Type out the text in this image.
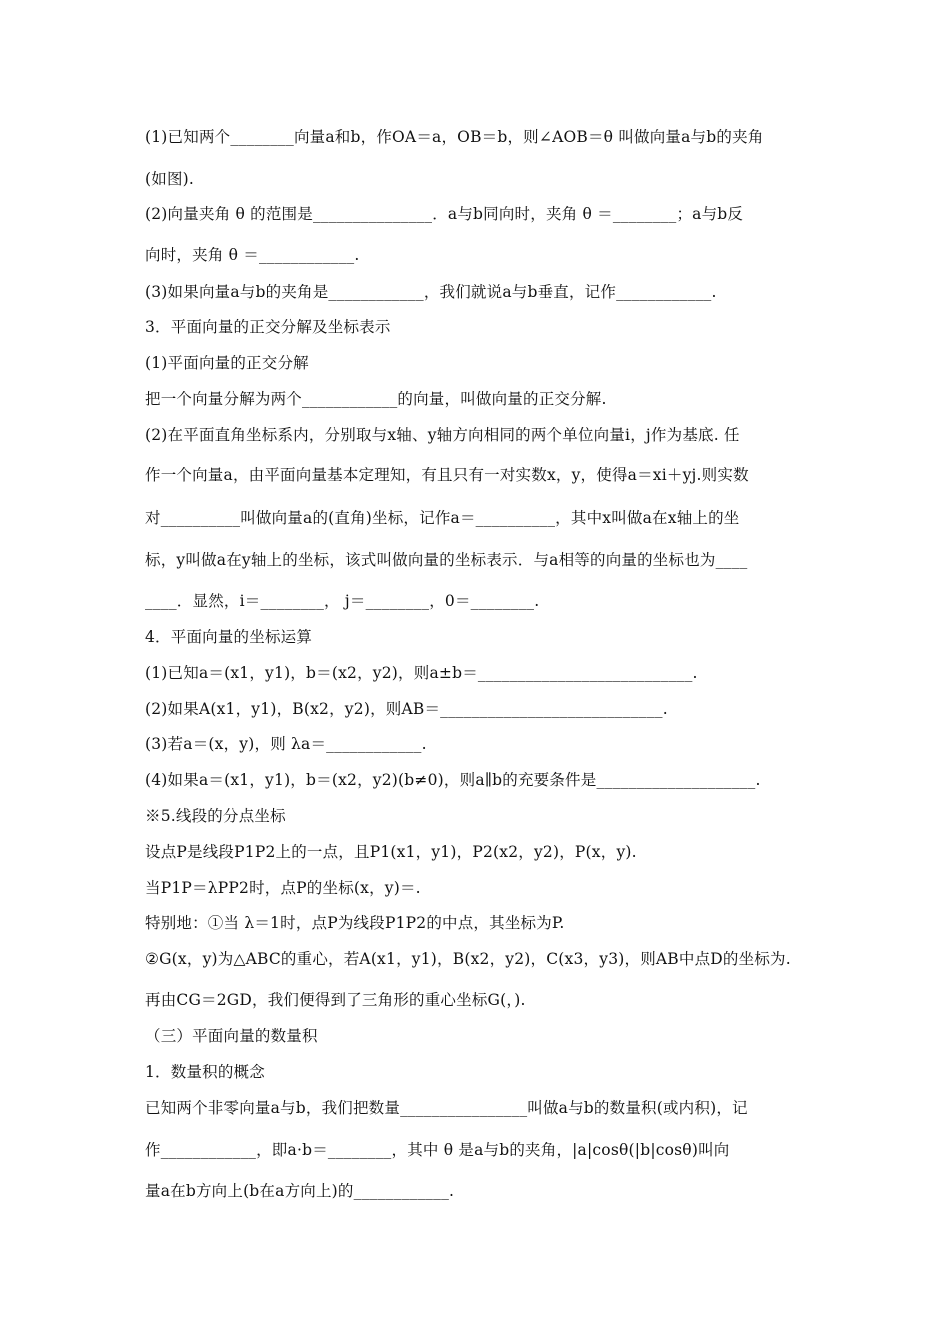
(1)已知两个________向量a和b，作OA＝a，OB＝b，则∠AOB＝θ 叫做向量a与b的夹角
(如图).
(2)向量夹角 θ 的范围是_______________．a与b同向时，夹角 θ ＝________；a与b反
向时，夹角 θ ＝____________.
(3)如果向量a与b的夹角是____________，我们就说a与b垂直，记作____________.
3．平面向量的正交分解及坐标表示
(1)平面向量的正交分解
把一个向量分解为两个____________的向量，叫做向量的正交分解.
(2)在平面直角坐标系内，分别取与x轴、y轴方向相同的两个单位向量i，j作为基底. 任
作一个向量a，由平面向量基本定理知，有且只有一对实数x，y，使得a＝xi＋yj.则实数
对__________叫做向量a的(直角)坐标，记作a＝__________，其中x叫做a在x轴上的坐
标，y叫做a在y轴上的坐标，该式叫做向量的坐标表示．与a相等的向量的坐标也为____
____．显然，i＝________， j＝________，0＝________.
4．平面向量的坐标运算
(1)已知a＝(x1，y1)，b＝(x2，y2)，则a±b＝___________________________.
(2)如果A(x1，y1)，B(x2，y2)，则AB＝____________________________.
(3)若a＝(x，y)，则 λa＝____________.
(4)如果a＝(x1，y1)，b＝(x2，y2)(b≠0)，则a∥b的充要条件是____________________.
※5.线段的分点坐标
设点P是线段P1P2上的一点，且P1(x1，y1)，P2(x2，y2)，P(x，y).
当P1P＝λPP2时，点P的坐标(x，y)＝.
特别地：①当 λ＝1时，点P为线段P1P2的中点，其坐标为P.
②G(x，y)为△ABC的重心，若A(x1，y1)，B(x2，y2)，C(x3，y3)，则AB中点D的坐标为.
再由CG＝2GD，我们便得到了三角形的重心坐标G(，).
（三）平面向量的数量积
1．数量积的概念
已知两个非零向量a与b，我们把数量________________叫做a与b的数量积(或内积)，记
作____________，即a·b＝________，其中 θ 是a与b的夹角，|a|cosθ(|b|cosθ)叫向
量a在b方向上(b在a方向上)的____________.
